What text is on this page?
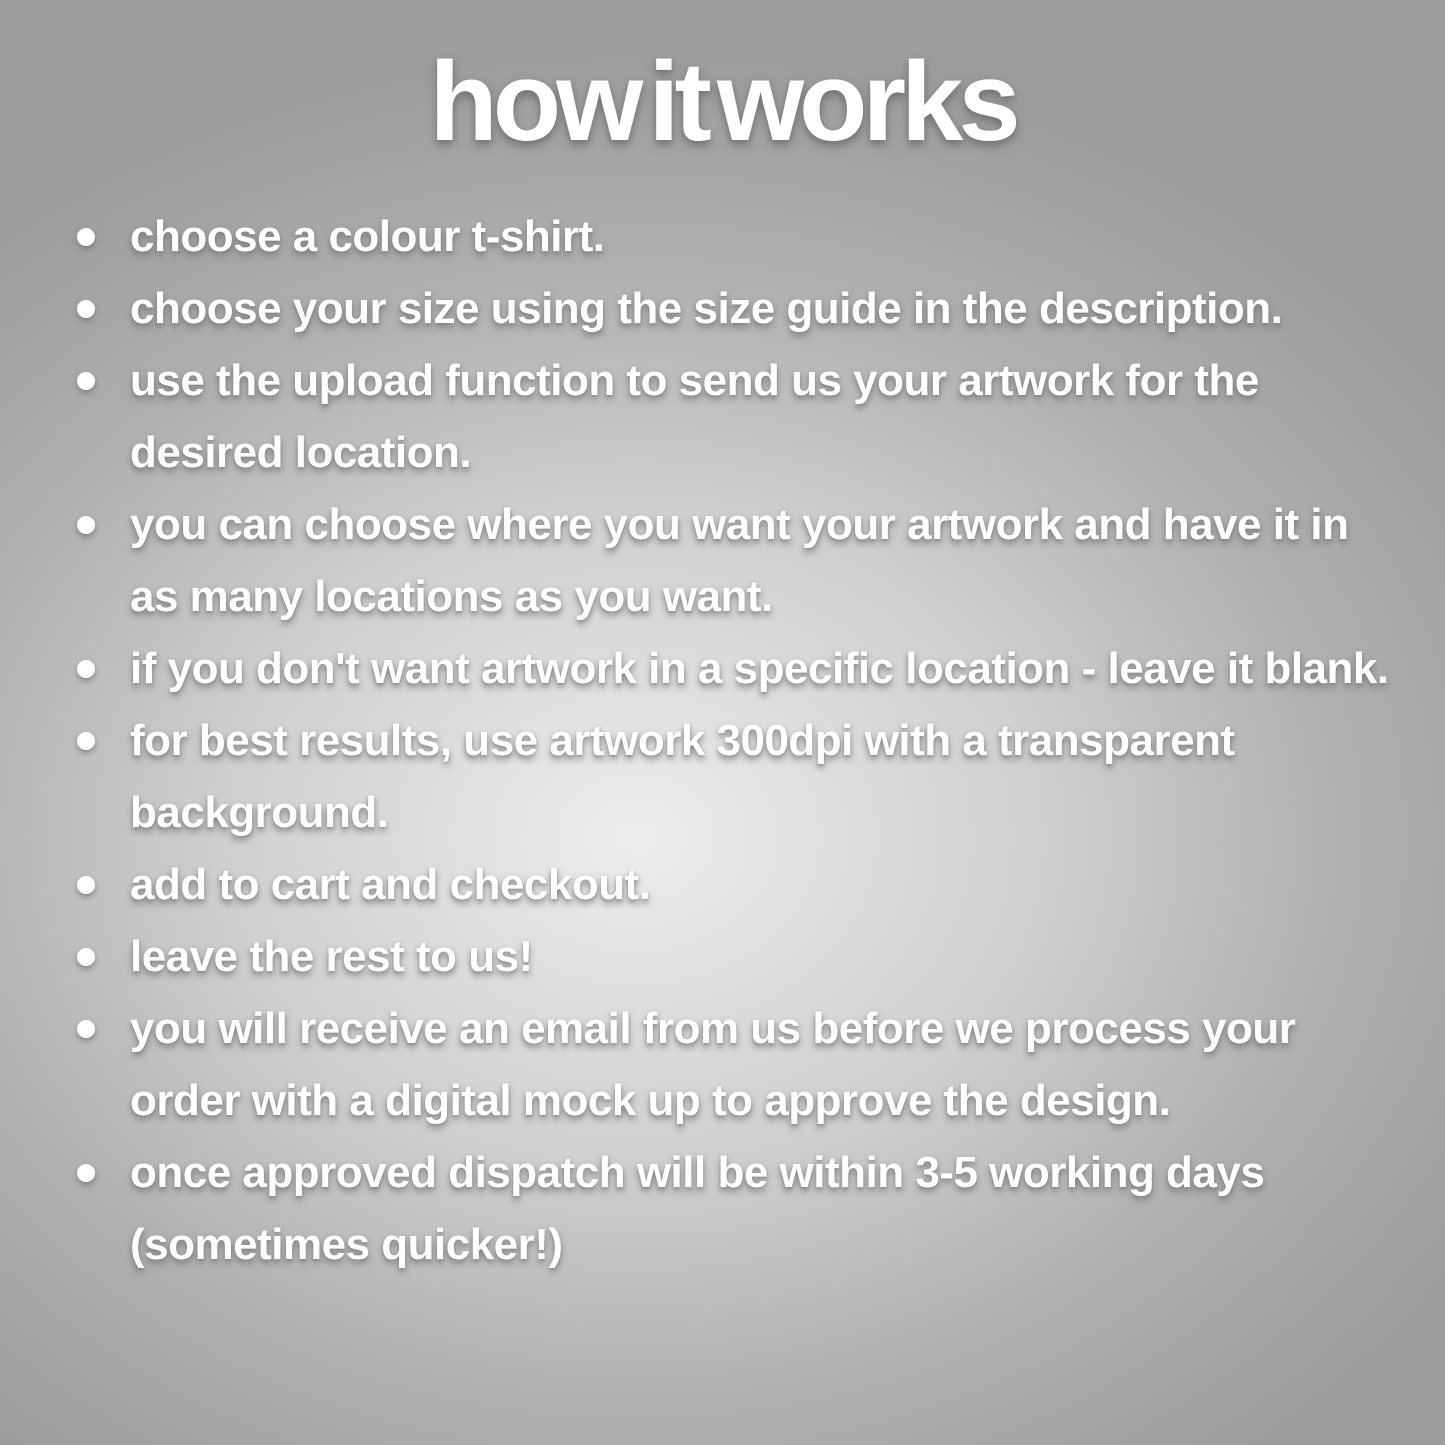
how it works
choose a colour t-shirt.
choose your size using the size guide in the description.
use the upload function to send us your artwork for the desired location.
you can choose where you want your artwork and have it in as many locations as you want.
if you don't want artwork in a specific location - leave it blank.
for best results, use artwork 300dpi with a transparent background.
add to cart and checkout.
leave the rest to us!
you will receive an email from us before we process your order with a digital mock up to approve the design.
once approved dispatch will be within 3-5 working days (sometimes quicker!)
